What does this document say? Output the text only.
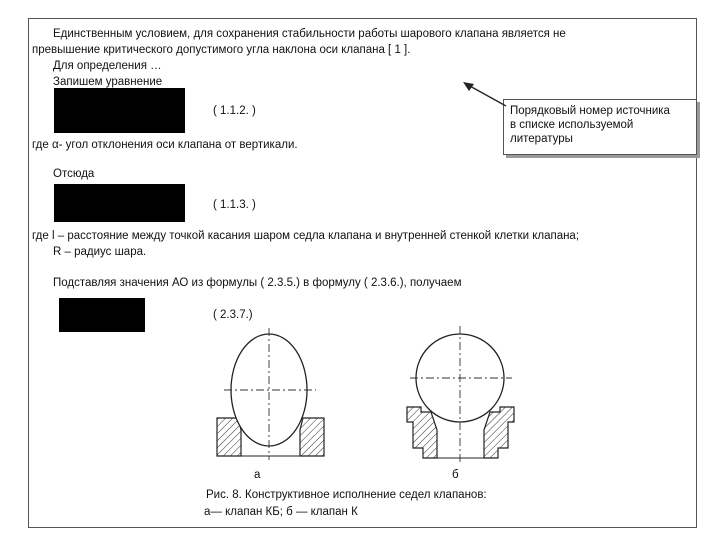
Единственным условием, для сохранения стабильности работы шарового клапана является не
превышение критического допустимого угла наклона оси клапана [ 1 ].
Для определения …
Запишем уравнение
( 1.1.2. )	Порядковый номер источника
в списке используемой
литературы
где α- угол отклонения оси клапана от вертикали.
Отсюда
( 1.1.3. )
где l – расстояние между точкой касания шаром седла клапана и внутренней стенкой клетки клапана;
R – радиус шара.
Подставляя значения АО из формулы ( 2.3.5.) в формулу ( 2.3.6.), получаем
( 2.3.7.)
а	б
Рис. 8. Конструктивное исполнение седел клапанов:
а— клапан КБ; б — клапан К
